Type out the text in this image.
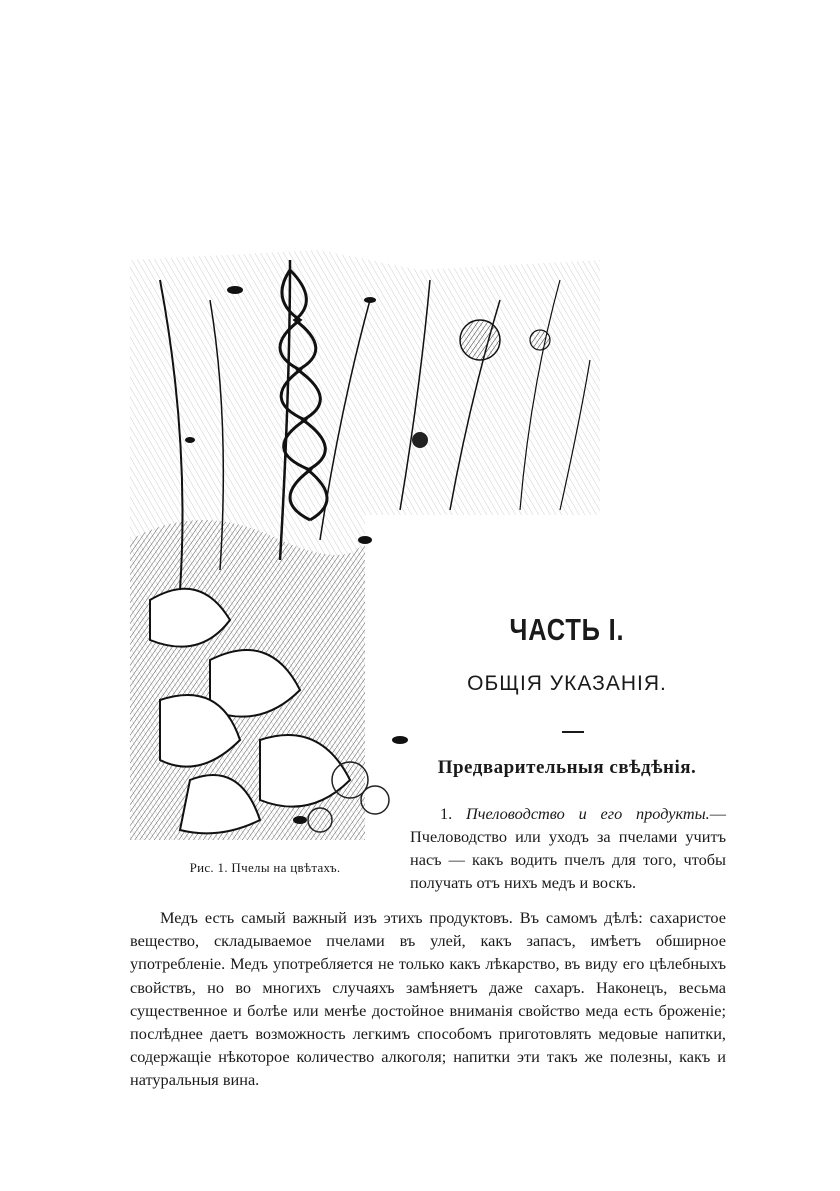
Рис. 1. Пчелы на цвѣтахъ.
ЧАСТЬ I.
ОБЩІЯ УКАЗАНІЯ.
Предварительныя свѣдѣнія.
1. Пчеловодство и его продукты.— Пчеловодство или уходъ за пчелами учитъ насъ — какъ водить пчелъ для того, чтобы получать отъ нихъ медъ и воскъ.
Медъ есть самый важный изъ этихъ продуктовъ. Въ самомъ дѣлѣ: сахаристое вещество, складываемое пчелами въ улей, какъ запасъ, имѣетъ обширное употребленіе. Медъ употребляется не только какъ лѣкарство, въ виду его цѣлебныхъ свойствъ, но во многихъ случаяхъ замѣняетъ даже сахаръ. Наконецъ, весьма существенное и болѣе или менѣе достойное вниманія свойство меда есть броженіе; послѣднее даетъ возможность легкимъ способомъ приготовлять медовые напитки, содержащіе нѣкоторое количество алкоголя; напитки эти такъ же полезны, какъ и натуральныя вина.
